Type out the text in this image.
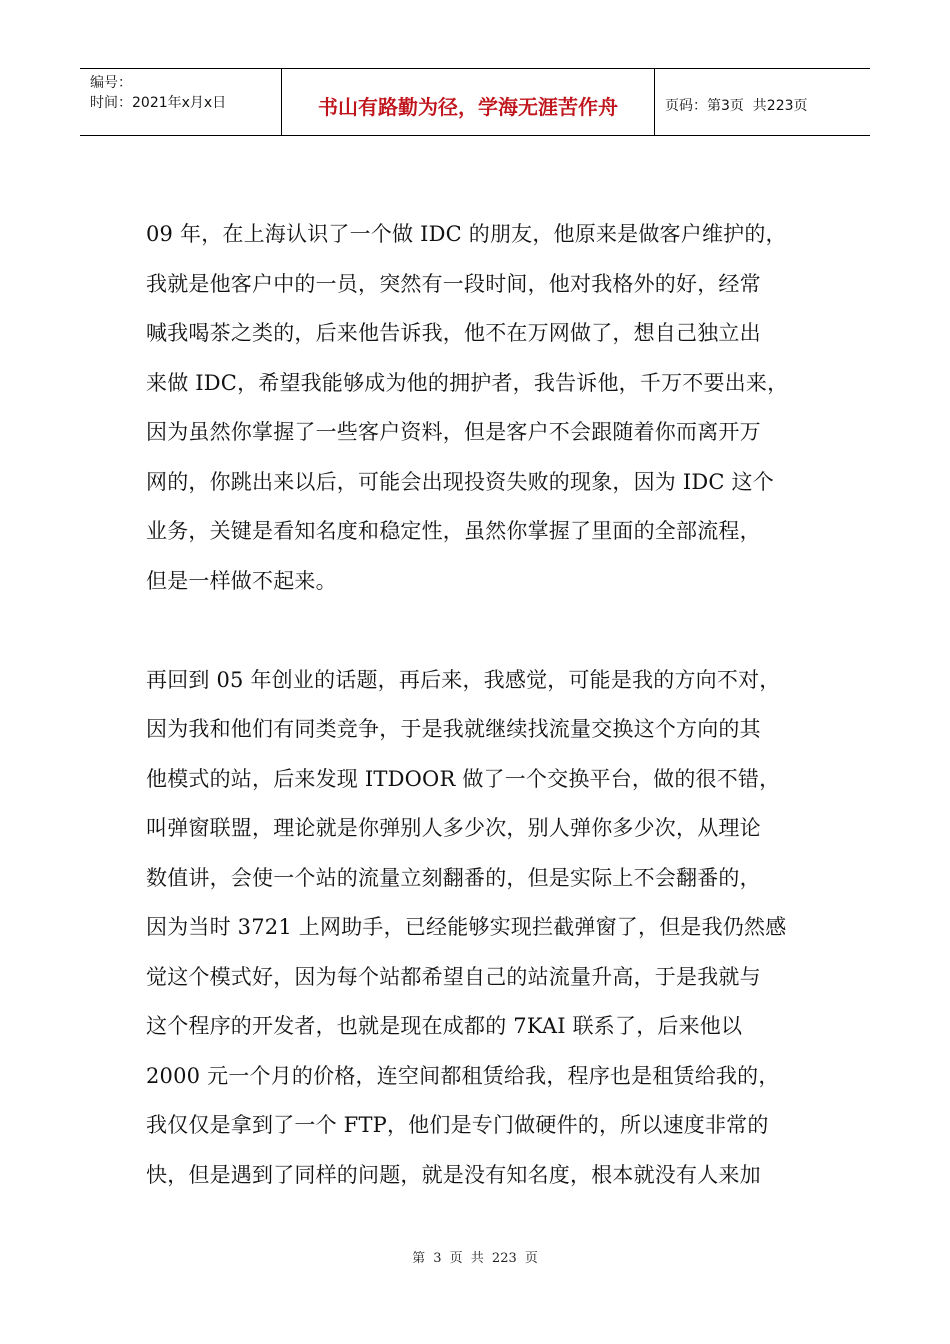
编号：
时间：2021年x月x日	书山有路勤为径，学海无涯苦作舟	页码：第3页  共223页
09 年，在上海认识了一个做 IDC 的朋友，他原来是做客户维护的，
我就是他客户中的一员，突然有一段时间，他对我格外的好，经常
喊我喝茶之类的，后来他告诉我，他不在万网做了，想自己独立出
来做 IDC，希望我能够成为他的拥护者，我告诉他，千万不要出来，
因为虽然你掌握了一些客户资料，但是客户不会跟随着你而离开万
网的，你跳出来以后，可能会出现投资失败的现象，因为 IDC 这个
业务，关键是看知名度和稳定性，虽然你掌握了里面的全部流程，
但是一样做不起来。
再回到 05 年创业的话题，再后来，我感觉，可能是我的方向不对，
因为我和他们有同类竞争，于是我就继续找流量交换这个方向的其
他模式的站，后来发现 ITDOOR 做了一个交换平台，做的很不错，
叫弹窗联盟，理论就是你弹别人多少次，别人弹你多少次，从理论
数值讲，会使一个站的流量立刻翻番的，但是实际上不会翻番的，
因为当时 3721 上网助手，已经能够实现拦截弹窗了，但是我仍然感
觉这个模式好，因为每个站都希望自己的站流量升高，于是我就与
这个程序的开发者，也就是现在成都的 7KAI 联系了，后来他以
2000 元一个月的价格，连空间都租赁给我，程序也是租赁给我的，
我仅仅是拿到了一个 FTP，他们是专门做硬件的，所以速度非常的
快，但是遇到了同样的问题，就是没有知名度，根本就没有人来加
第 3 页 共 223 页
